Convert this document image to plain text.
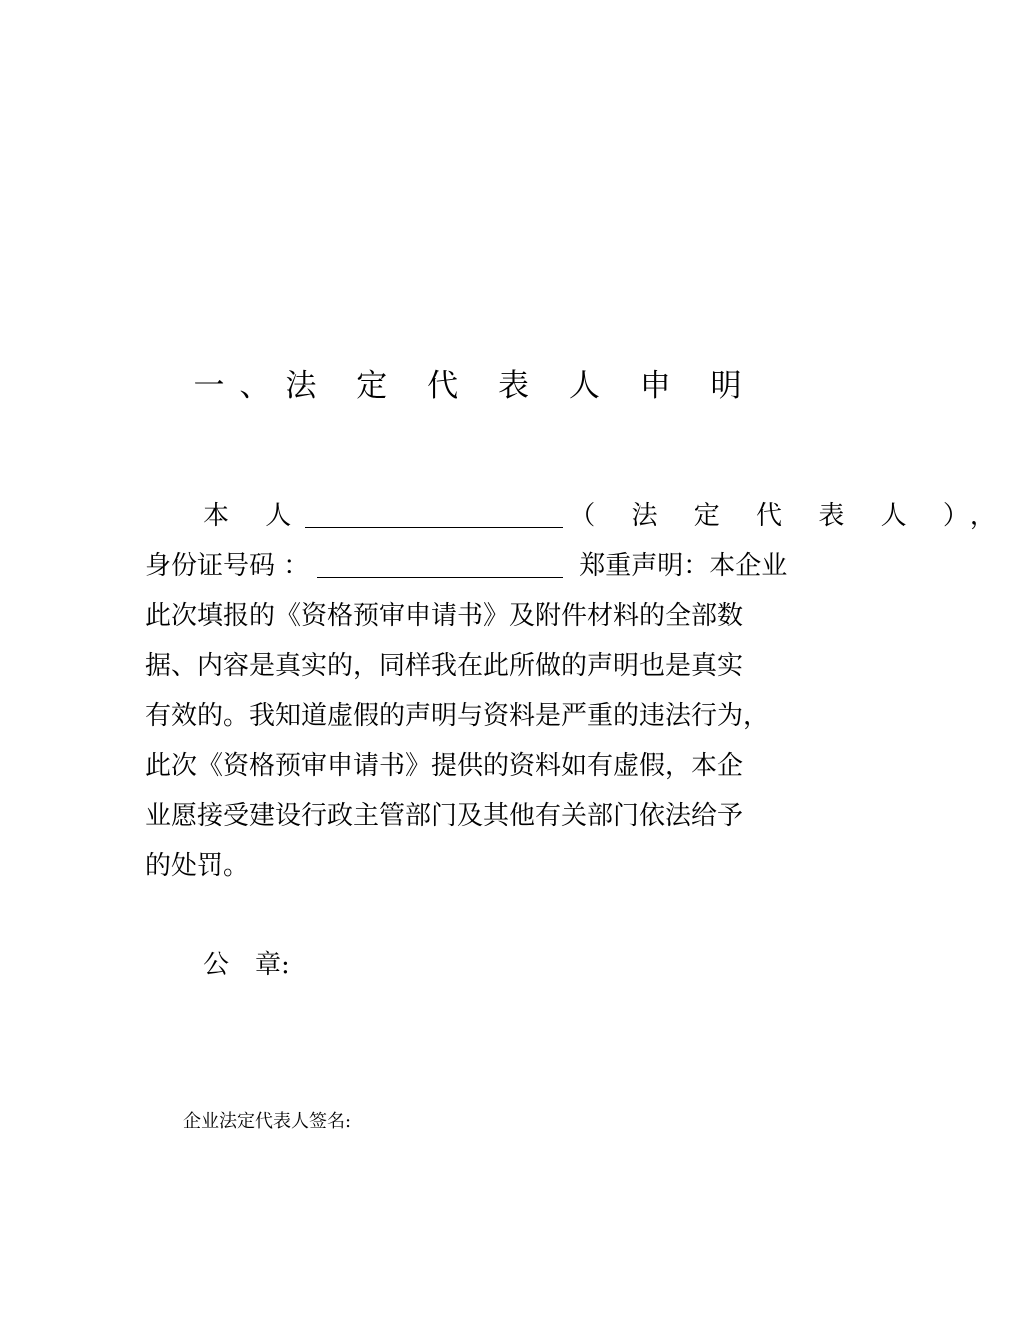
一、法 定 代 表 人 申 明
本 人	（ 法 定 代 表 人 ），
身份证号码 ：	郑重声明：本企业
此次填报的《资格预审申请书》及附件材料的全部数
据、内容是真实的，同样我在此所做的声明也是真实
有效的。我知道虚假的声明与资料是严重的违法行为，
此次《资格预审申请书》提供的资料如有虚假，本企
业愿接受建设行政主管部门及其他有关部门依法给予
的处罚。
公　章:
企业法定代表人签名:
